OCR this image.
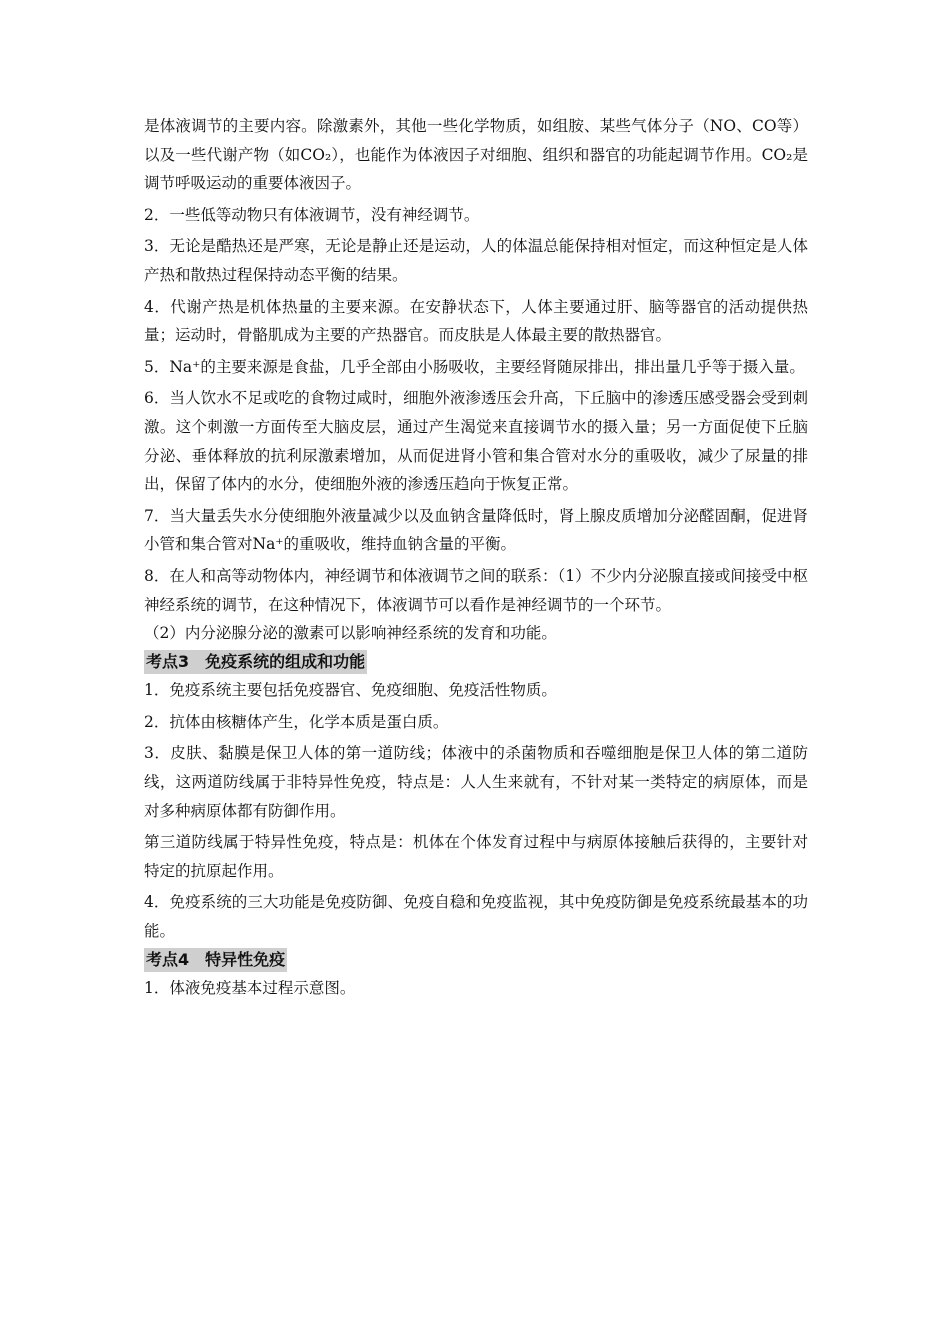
是体液调节的主要内容。除激素外，其他一些化学物质，如组胺、某些气体分子（NO、CO等）以及一些代谢产物（如CO₂），也能作为体液因子对细胞、组织和器官的功能起调节作用。CO₂是调节呼吸运动的重要体液因子。

2．一些低等动物只有体液调节，没有神经调节。

3．无论是酷热还是严寒，无论是静止还是运动，人的体温总能保持相对恒定，而这种恒定是人体产热和散热过程保持动态平衡的结果。

4．代谢产热是机体热量的主要来源。在安静状态下，人体主要通过肝、脑等器官的活动提供热量；运动时，骨骼肌成为主要的产热器官。而皮肤是人体最主要的散热器官。

5．Na⁺的主要来源是食盐，几乎全部由小肠吸收，主要经肾随尿排出，排出量几乎等于摄入量。

6．当人饮水不足或吃的食物过咸时，细胞外液渗透压会升高，下丘脑中的渗透压感受器会受到刺激。这个刺激一方面传至大脑皮层，通过产生渴觉来直接调节水的摄入量；另一方面促使下丘脑分泌、垂体释放的抗利尿激素增加，从而促进肾小管和集合管对水分的重吸收，减少了尿量的排出，保留了体内的水分，使细胞外液的渗透压趋向于恢复正常。

7．当大量丢失水分使细胞外液量减少以及血钠含量降低时，肾上腺皮质增加分泌醛固酮，促进肾小管和集合管对Na⁺的重吸收，维持血钠含量的平衡。

8．在人和高等动物体内，神经调节和体液调节之间的联系：（1）不少内分泌腺直接或间接受中枢神经系统的调节，在这种情况下，体液调节可以看作是神经调节的一个环节。

（2）内分泌腺分泌的激素可以影响神经系统的发育和功能。

考点3　免疫系统的组成和功能

1．免疫系统主要包括免疫器官、免疫细胞、免疫活性物质。

2．抗体由核糖体产生，化学本质是蛋白质。

3．皮肤、黏膜是保卫人体的第一道防线；体液中的杀菌物质和吞噬细胞是保卫人体的第二道防线，这两道防线属于非特异性免疫，特点是：人人生来就有，不针对某一类特定的病原体，而是对多种病原体都有防御作用。

第三道防线属于特异性免疫，特点是：机体在个体发育过程中与病原体接触后获得的，主要针对特定的抗原起作用。

4．免疫系统的三大功能是免疫防御、免疫自稳和免疫监视，其中免疫防御是免疫系统最基本的功能。

考点4　特异性免疫

1．体液免疫基本过程示意图。
